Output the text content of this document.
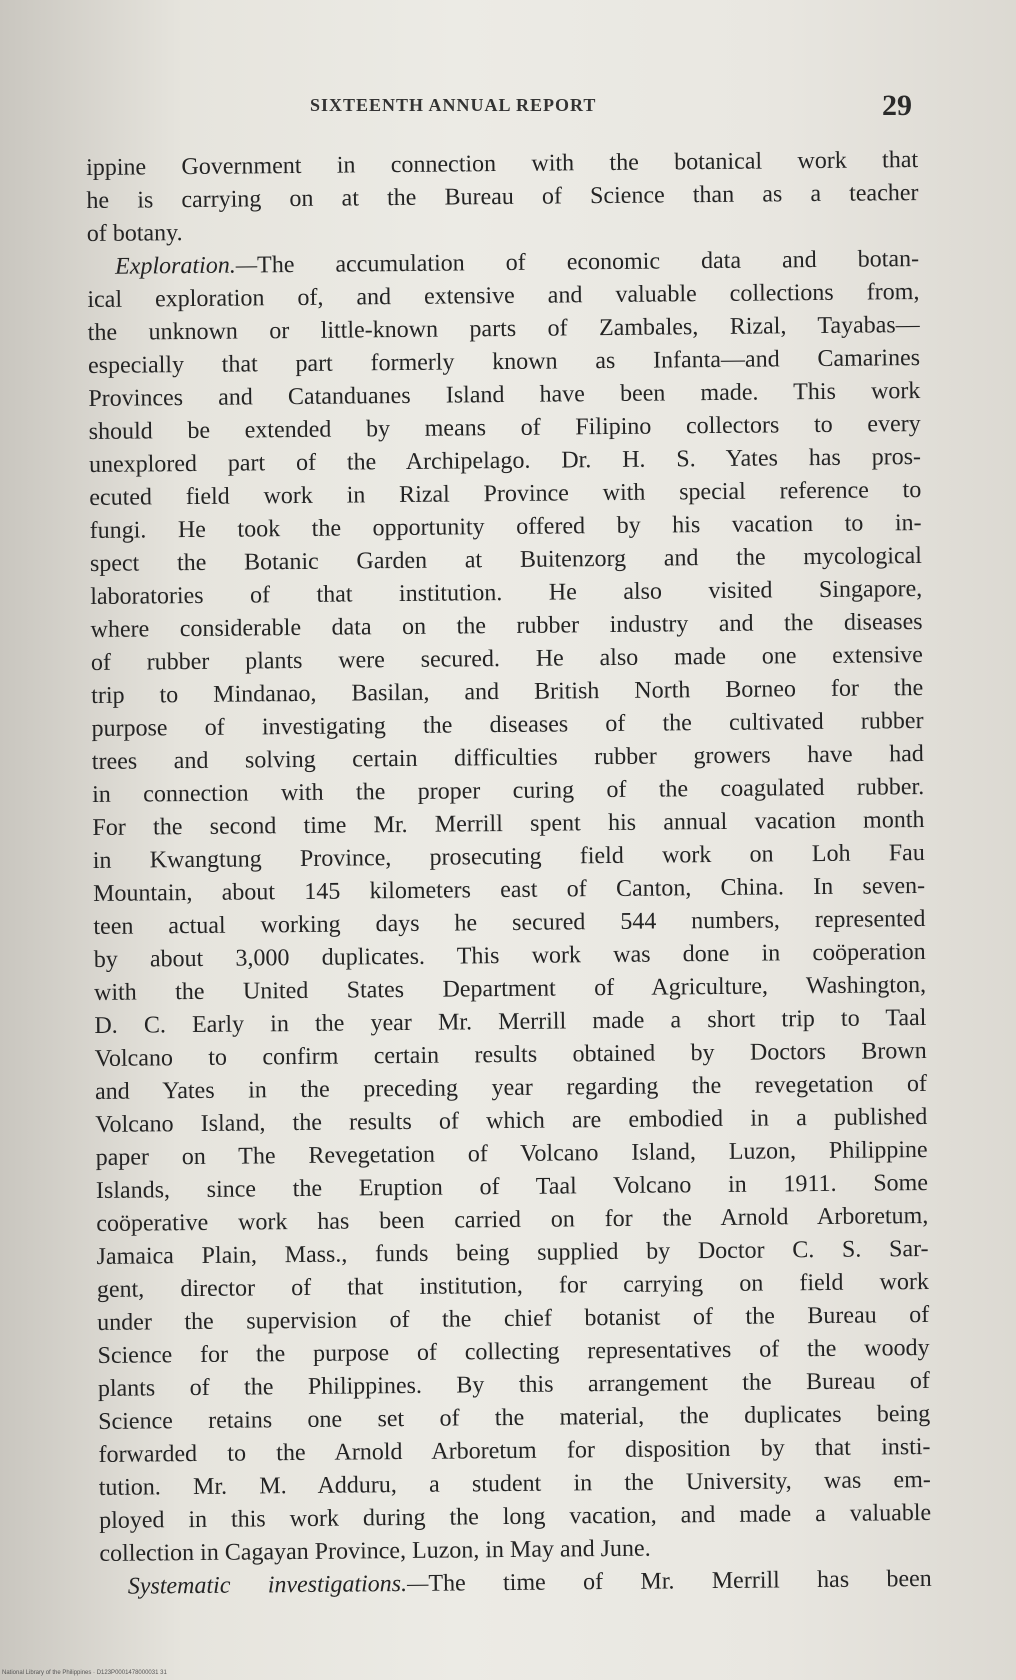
SIXTEENTH ANNUAL REPORT	29
ippine Government in connection with the botanical work that
he is carrying on at the Bureau of Science than as a teacher
of botany.
Exploration.—The accumulation of economic data and botan-
ical exploration of, and extensive and valuable collections from,
the unknown or little-known parts of Zambales, Rizal, Tayabas—
especially that part formerly known as Infanta—and Camarines
Provinces and Catanduanes Island have been made. This work
should be extended by means of Filipino collectors to every
unexplored part of the Archipelago. Dr. H. S. Yates has pros-
ecuted field work in Rizal Province with special reference to
fungi. He took the opportunity offered by his vacation to in-
spect the Botanic Garden at Buitenzorg and the mycological
laboratories of that institution. He also visited Singapore,
where considerable data on the rubber industry and the diseases
of rubber plants were secured. He also made one extensive
trip to Mindanao, Basilan, and British North Borneo for the
purpose of investigating the diseases of the cultivated rubber
trees and solving certain difficulties rubber growers have had
in connection with the proper curing of the coagulated rubber.
For the second time Mr. Merrill spent his annual vacation month
in Kwangtung Province, prosecuting field work on Loh Fau
Mountain, about 145 kilometers east of Canton, China. In seven-
teen actual working days he secured 544 numbers, represented
by about 3,000 duplicates. This work was done in coöperation
with the United States Department of Agriculture, Washington,
D. C. Early in the year Mr. Merrill made a short trip to Taal
Volcano to confirm certain results obtained by Doctors Brown
and Yates in the preceding year regarding the revegetation of
Volcano Island, the results of which are embodied in a published
paper on The Revegetation of Volcano Island, Luzon, Philippine
Islands, since the Eruption of Taal Volcano in 1911. Some
coöperative work has been carried on for the Arnold Arboretum,
Jamaica Plain, Mass., funds being supplied by Doctor C. S. Sar-
gent, director of that institution, for carrying on field work
under the supervision of the chief botanist of the Bureau of
Science for the purpose of collecting representatives of the woody
plants of the Philippines. By this arrangement the Bureau of
Science retains one set of the material, the duplicates being
forwarded to the Arnold Arboretum for disposition by that insti-
tution. Mr. M. Adduru, a student in the University, was em-
ployed in this work during the long vacation, and made a valuable
collection in Cagayan Province, Luzon, in May and June.
Systematic investigations.—The time of Mr. Merrill has been
National Library of the Philippines · D123P0001478000031 31
